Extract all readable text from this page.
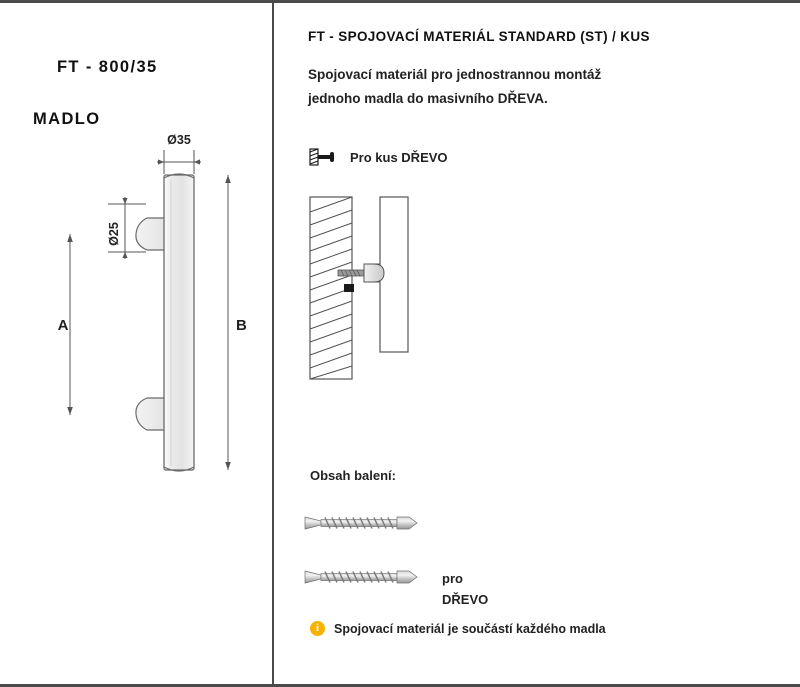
FT - 800/35

MADLO

Ø35
Ø25
A	B
FT - SPOJOVACÍ MATERIÁL STANDARD (ST) / KUS
Spojovací materiál pro jednostrannou montáž
jednoho madla do masivního DŘEVA.
Pro kus DŘEVO
Obsah balení:
pro
DŘEVO
i	Spojovací materiál je součástí každého madla
